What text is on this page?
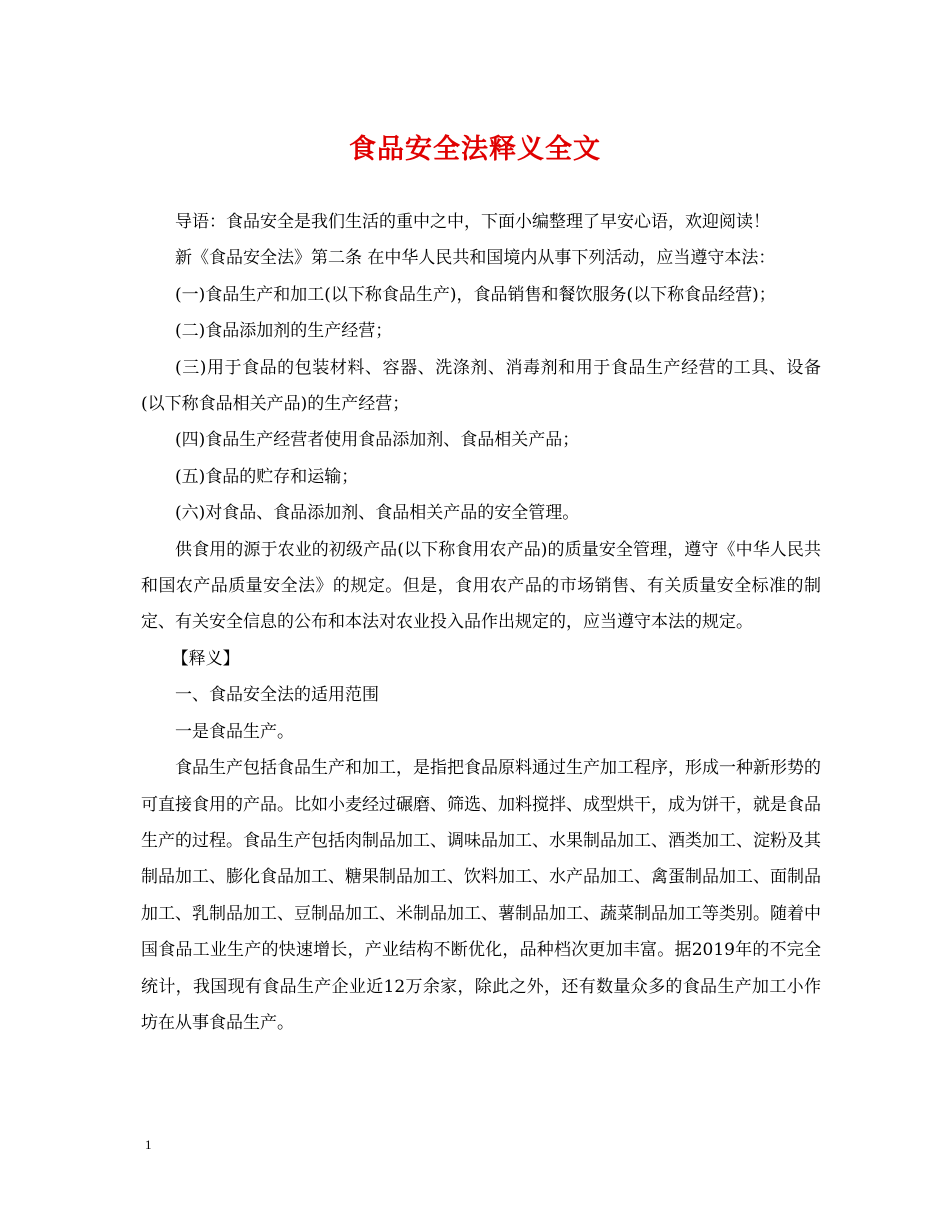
食品安全法释义全文

导语：食品安全是我们生活的重中之中，下面小编整理了早安心语，欢迎阅读！

新《食品安全法》第二条 在中华人民共和国境内从事下列活动，应当遵守本法：

(一)食品生产和加工(以下称食品生产)，食品销售和餐饮服务(以下称食品经营)；

(二)食品添加剂的生产经营；

(三)用于食品的包装材料、容器、洗涤剂、消毒剂和用于食品生产经营的工具、设备(以下称食品相关产品)的生产经营；

(四)食品生产经营者使用食品添加剂、食品相关产品；

(五)食品的贮存和运输；

(六)对食品、食品添加剂、食品相关产品的安全管理。

供食用的源于农业的初级产品(以下称食用农产品)的质量安全管理，遵守《中华人民共和国农产品质量安全法》的规定。但是，食用农产品的市场销售、有关质量安全标准的制定、有关安全信息的公布和本法对农业投入品作出规定的，应当遵守本法的规定。

【释义】

一、食品安全法的适用范围

一是食品生产。

食品生产包括食品生产和加工，是指把食品原料通过生产加工程序，形成一种新形势的可直接食用的产品。比如小麦经过碾磨、筛选、加料搅拌、成型烘干，成为饼干，就是食品生产的过程。食品生产包括肉制品加工、调味品加工、水果制品加工、酒类加工、淀粉及其制品加工、膨化食品加工、糖果制品加工、饮料加工、水产品加工、禽蛋制品加工、面制品加工、乳制品加工、豆制品加工、米制品加工、薯制品加工、蔬菜制品加工等类别。随着中国食品工业生产的快速增长，产业结构不断优化，品种档次更加丰富。据2019年的不完全统计，我国现有食品生产企业近12万余家，除此之外，还有数量众多的食品生产加工小作坊在从事食品生产。

1
